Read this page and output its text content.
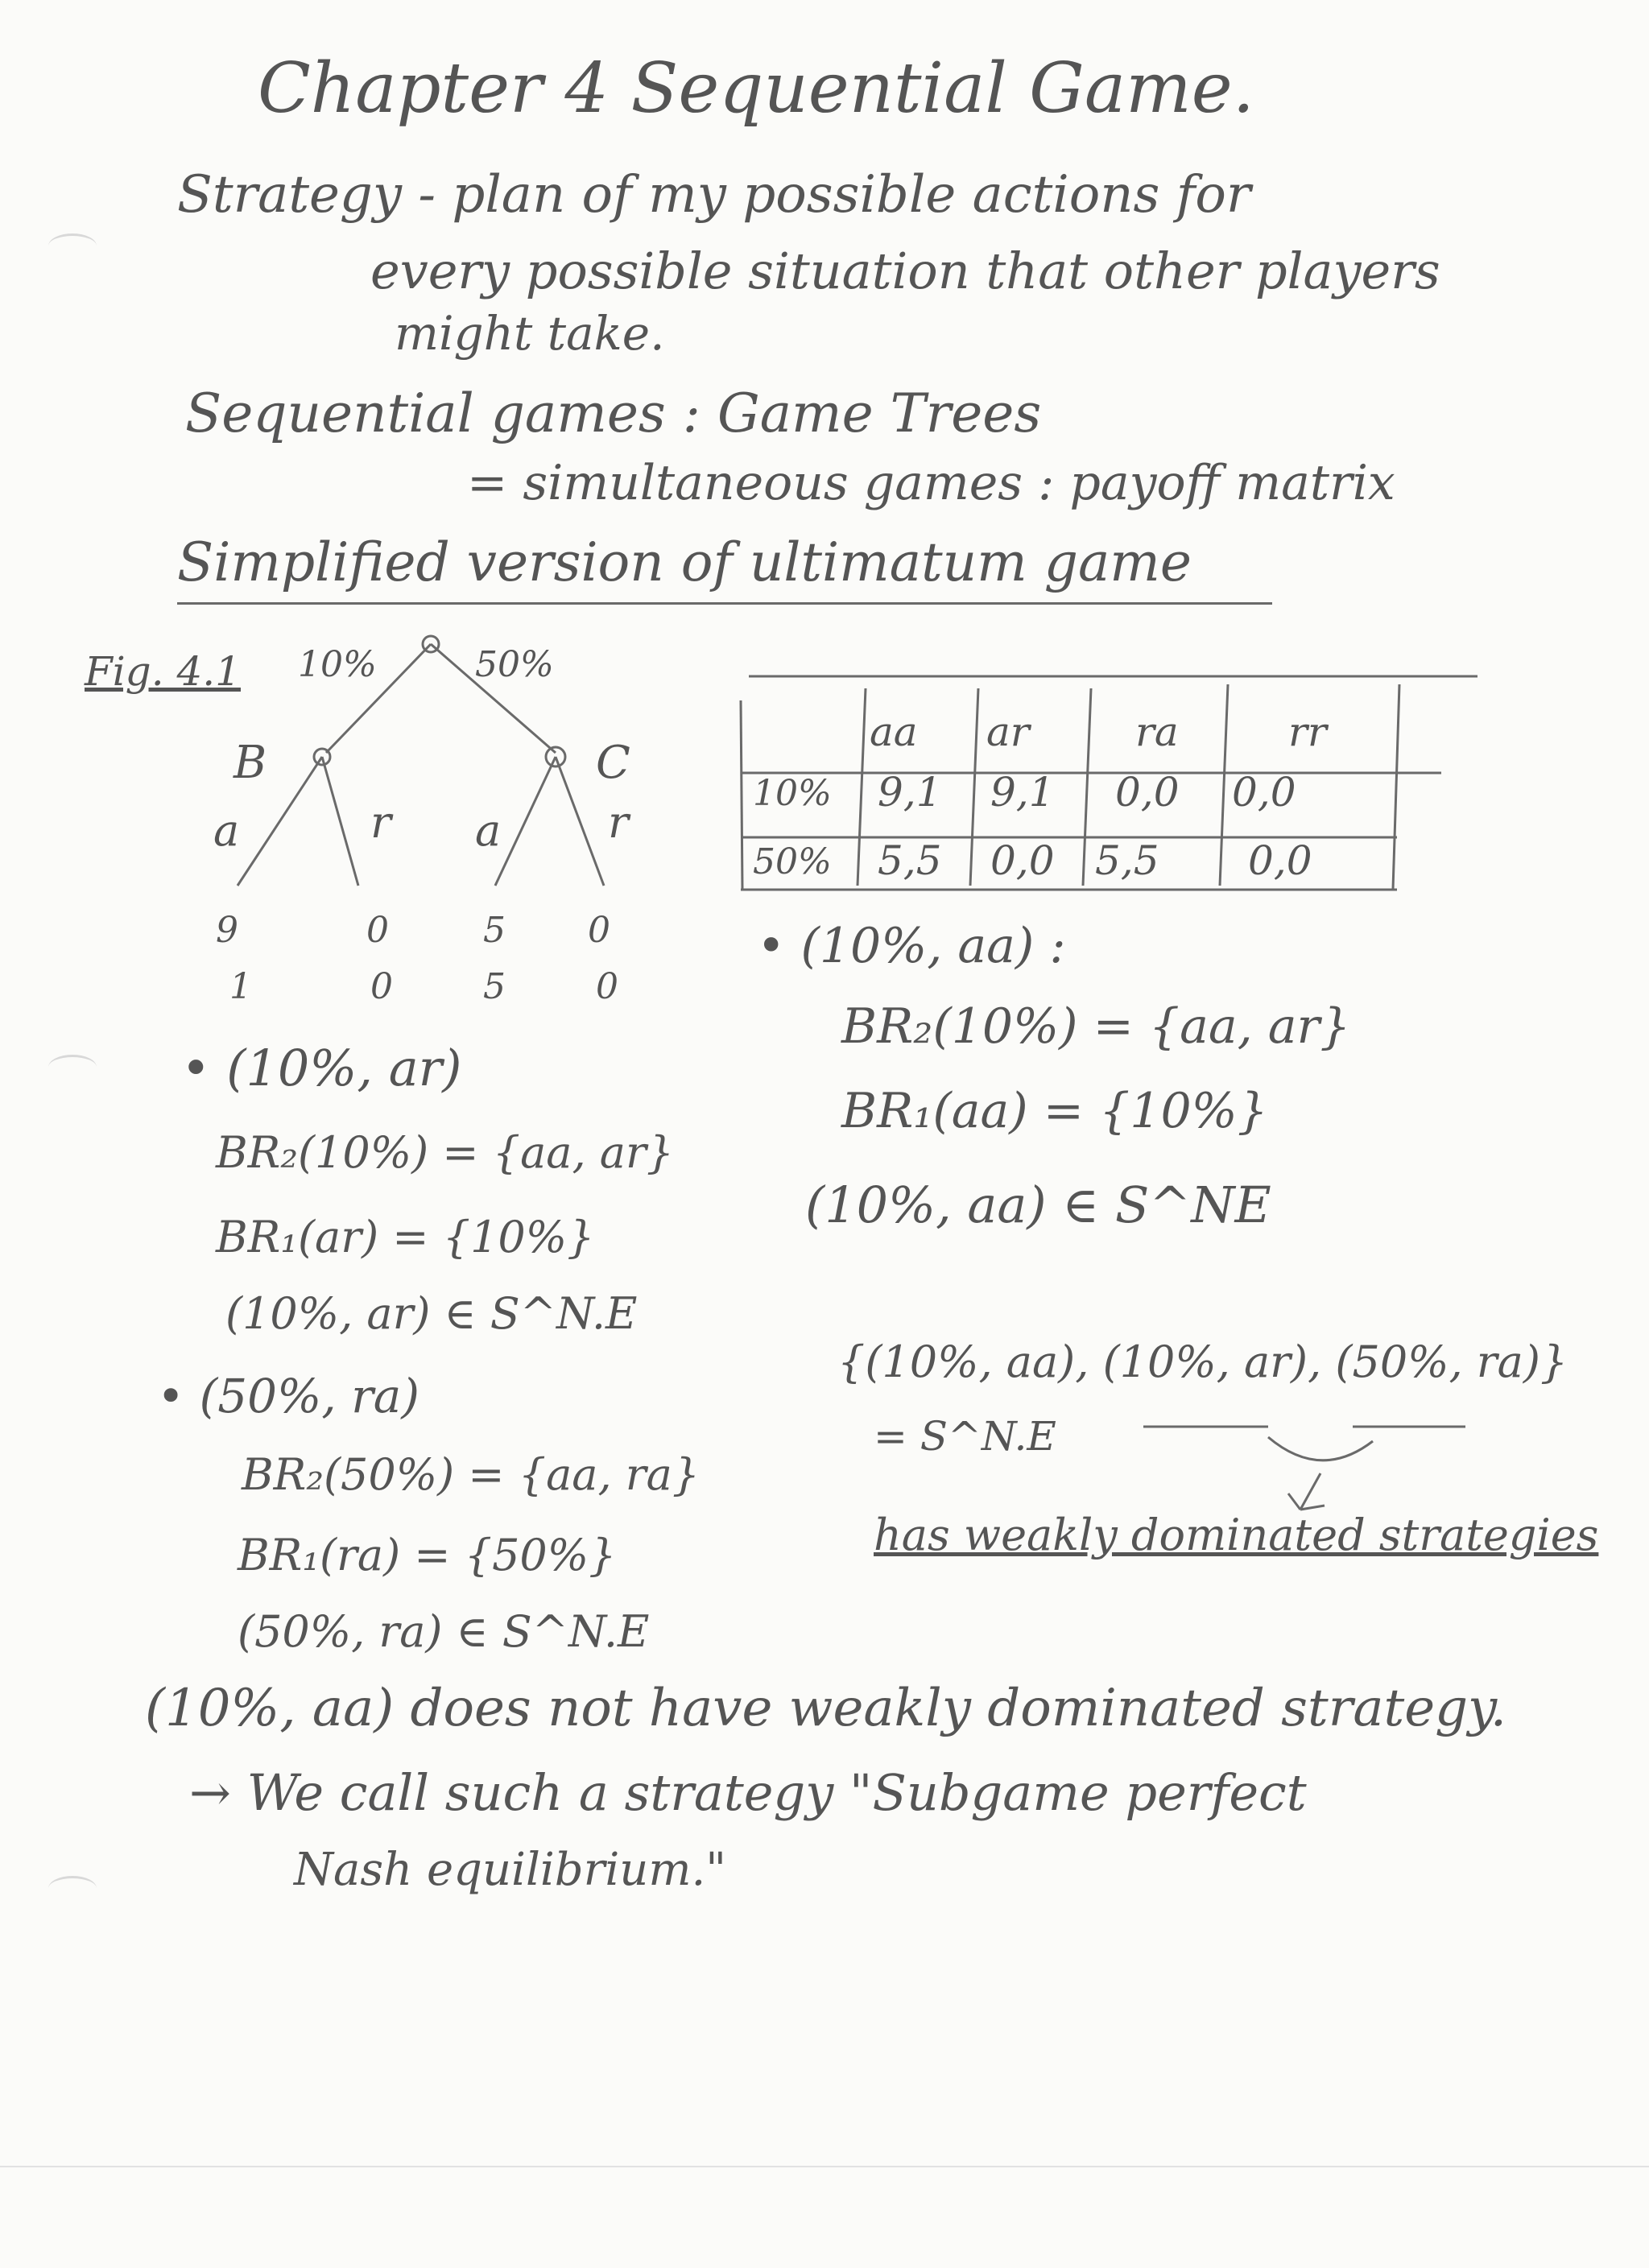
Chapter 4 Sequential Game.
Strategy - plan of my possible actions for
every possible situation that other players
might take.
Sequential games : Game Trees
= simultaneous games : payoff matrix
Simplified version of ultimatum game
Fig. 4.1 10%	50%
B	C
a	r a r
9	0	5 0
1	0	5	0
aa ar	ra	rr
10% 9,1 9,1 0,0 0,0
50% 5,5 0,0 5,5 0,0
• (10%, aa) :
BR₂(10%) = {aa, ar}
BR₁(aa) = {10%}
(10%, aa) ∈ S^NE
• (10%, ar)
BR₂(10%) = {aa, ar}
BR₁(ar) = {10%}
(10%, ar) ∈ S^N.E
• (50%, ra)
BR₂(50%) = {aa, ra}
BR₁(ra) = {50%}
(50%, ra) ∈ S^N.E
{(10%, aa), (10%, ar), (50%, ra)}
= S^N.E
has weakly dominated strategies
(10%, aa) does not have weakly dominated strategy.
→ We call such a strategy "Subgame perfect
Nash equilibrium."
